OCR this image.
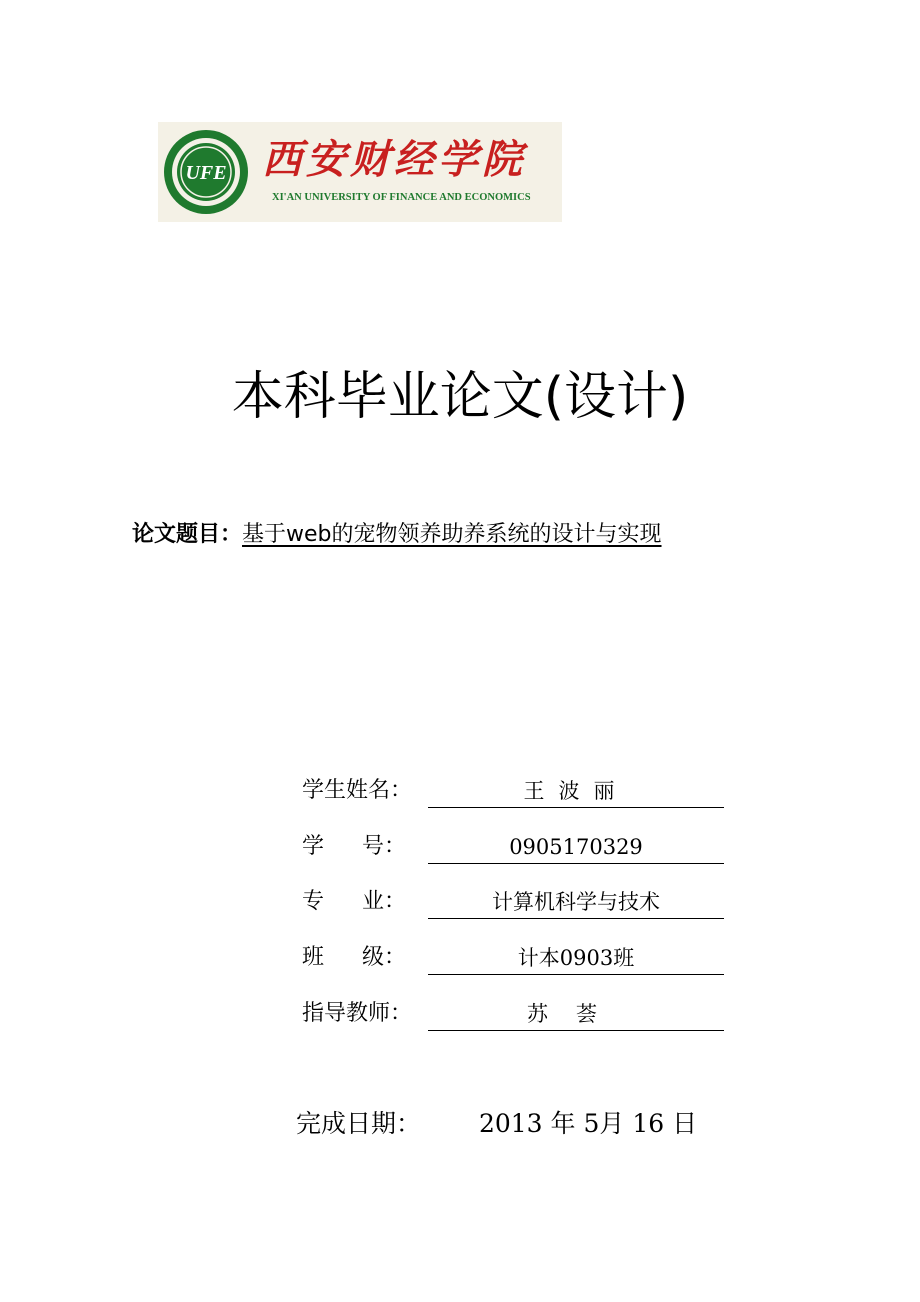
UFE 西安财经学院
XI'AN UNIVERSITY OF FINANCE AND ECONOMICS
本科毕业论文(设计)
论文题目：基于web的宠物领养助养系统的设计与实现
学生姓名：	王波丽
学 号：	0905170329
专 业：	计算机科学与技术
班 级：	计本0903班
指导教师：	苏荟
完成日期： 2013 年 5月 16 日
